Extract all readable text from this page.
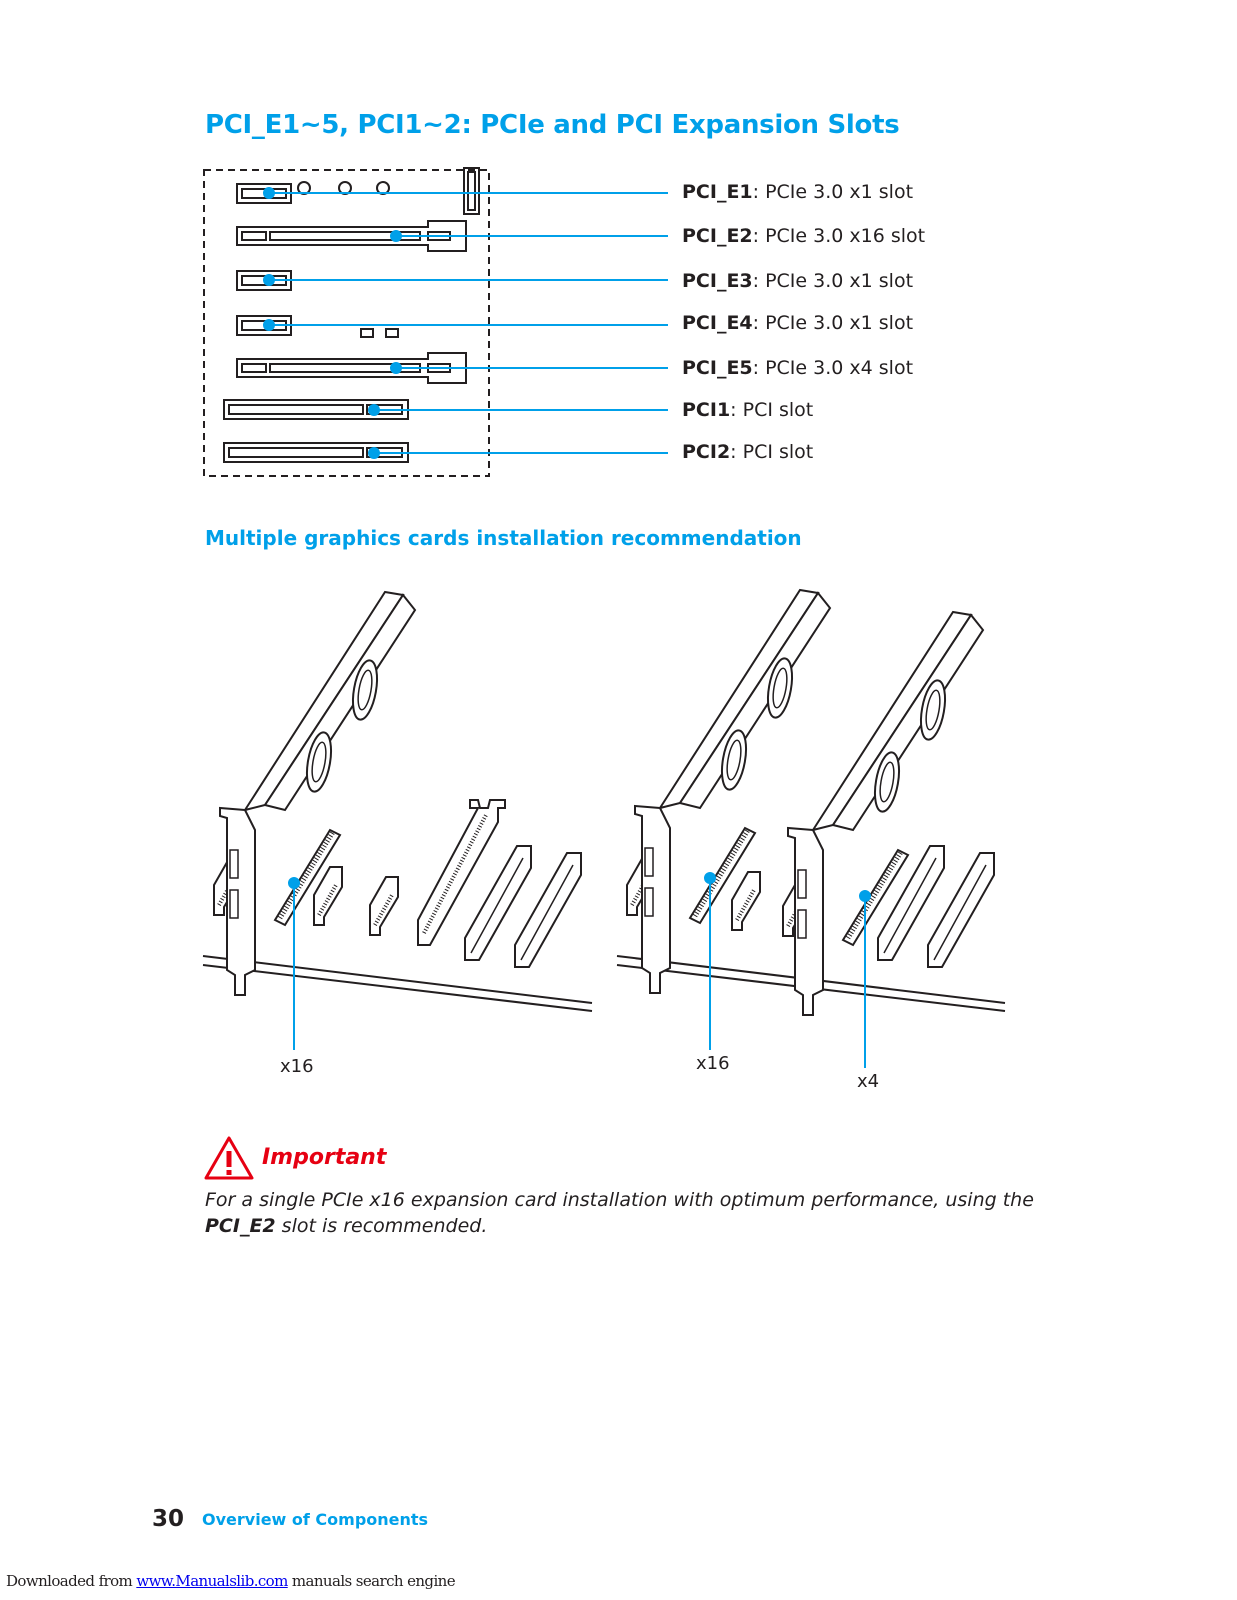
PCI_E1~5, PCI1~2: PCIe and PCI Expansion Slots
PCI_E1: PCIe 3.0 x1 slot
PCI_E2: PCIe 3.0 x16 slot
PCI_E3: PCIe 3.0 x1 slot
PCI_E4: PCIe 3.0 x1 slot
PCI_E5: PCIe 3.0 x4 slot
PCI1: PCI slot
PCI2: PCI slot
Multiple graphics cards installation recommendation
x16	x16
x4
Important
For a single PCIe x16 expansion card installation with optimum performance, using the PCI_E2 slot is recommended.
30 Overview of Components
Downloaded from www.Manualslib.com manuals search engine
